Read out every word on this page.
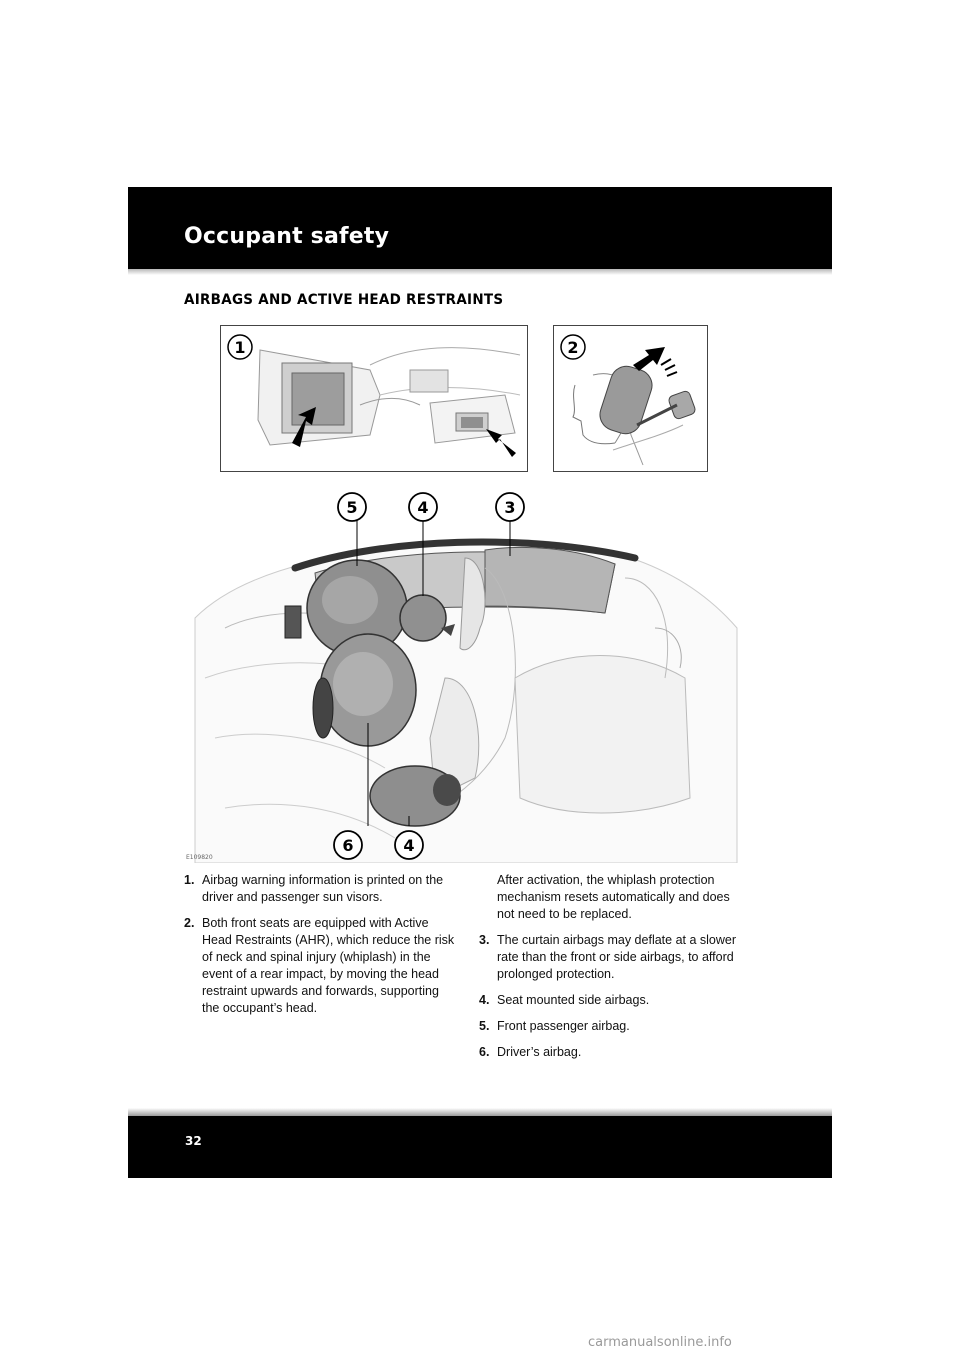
Occupant safety
AIRBAGS AND ACTIVE HEAD RESTRAINTS
1	2
5	4	3
6	4
E109820
1. Airbag warning information is printed on the driver and passenger sun visors.
2. Both front seats are equipped with Active Head Restraints (AHR), which reduce the risk of neck and spinal injury (whiplash) in the event of a rear impact, by moving the head restraint upwards and forwards, supporting the occupant’s head.
After activation, the whiplash protection mechanism resets automatically and does not need to be replaced.
3. The curtain airbags may deflate at a slower rate than the front or side airbags, to afford prolonged protection.
4. Seat mounted side airbags.
5. Front passenger airbag.
6. Driver’s airbag.
32
carmanualsonline.info
